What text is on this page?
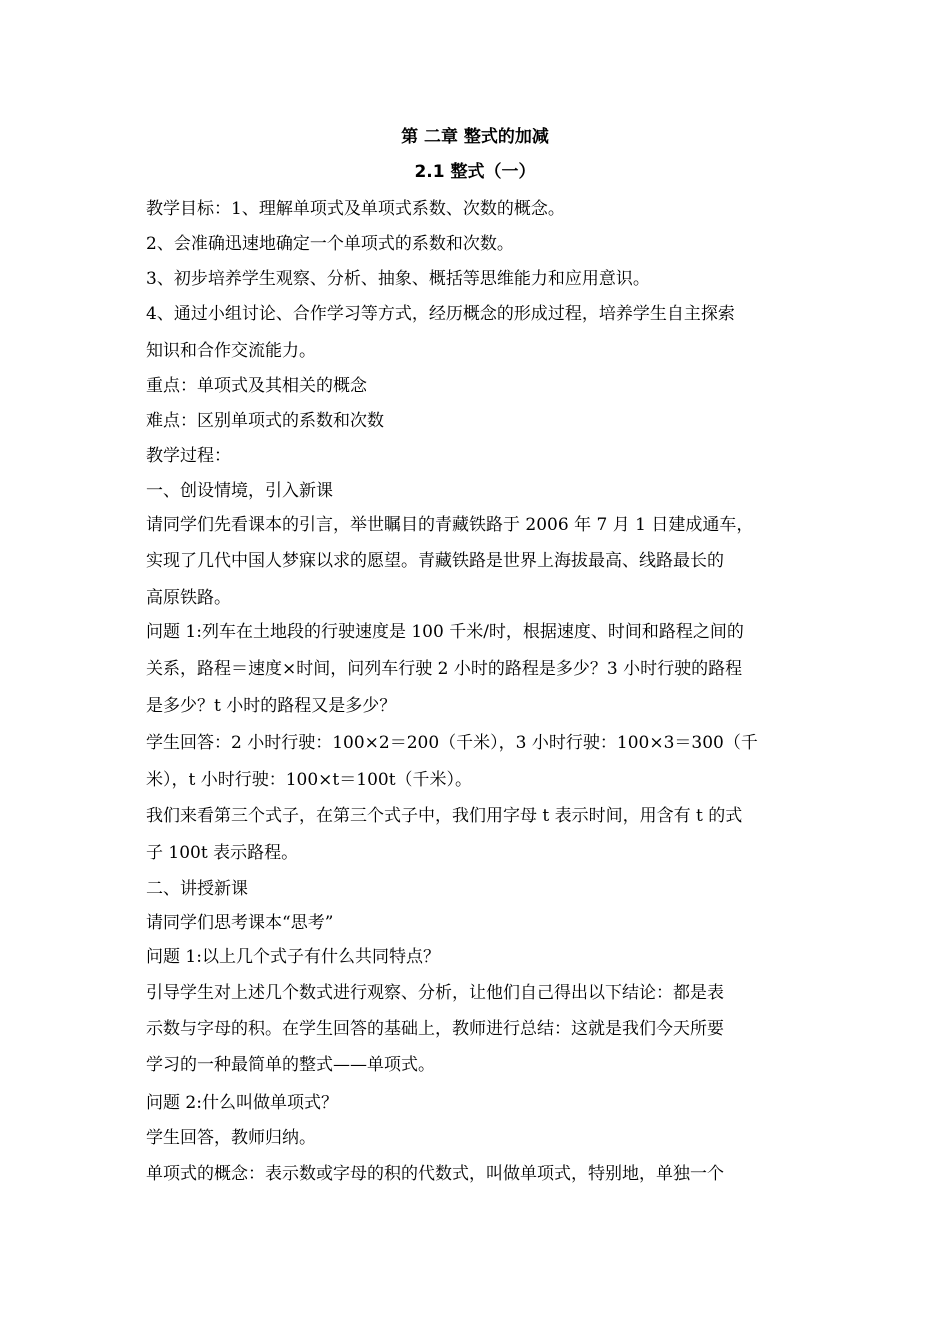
第 二章 整式的加减
2.1 整式（一）
教学目标：1、理解单项式及单项式系数、次数的概念。
2、会准确迅速地确定一个单项式的系数和次数。
3、初步培养学生观察、分析、抽象、概括等思维能力和应用意识。
4、通过小组讨论、合作学习等方式，经历概念的形成过程，培养学生自主探索
知识和合作交流能力。
重点：单项式及其相关的概念
难点：区别单项式的系数和次数
教学过程：
一、创设情境，引入新课
请同学们先看课本的引言，举世瞩目的青藏铁路于 2006 年 7 月 1 日建成通车，
实现了几代中国人梦寐以求的愿望。青藏铁路是世界上海拔最高、线路最长的
高原铁路。
问题 1:列车在土地段的行驶速度是 100 千米/时，根据速度、时间和路程之间的
关系，路程＝速度×时间，问列车行驶 2 小时的路程是多少？3 小时行驶的路程
是多少？t 小时的路程又是多少？
学生回答：2 小时行驶：100×2＝200（千米），3 小时行驶：100×3＝300（千
米），t 小时行驶：100×t＝100t（千米）。
我们来看第三个式子，在第三个式子中，我们用字母 t 表示时间，用含有 t 的式
子 100t 表示路程。
二、讲授新课
请同学们思考课本“思考”
问题 1:以上几个式子有什么共同特点？
引导学生对上述几个数式进行观察、分析，让他们自己得出以下结论：都是表
示数与字母的积。在学生回答的基础上，教师进行总结：这就是我们今天所要
学习的一种最简单的整式——单项式。
问题 2:什么叫做单项式？
学生回答，教师归纳。
单项式的概念：表示数或字母的积的代数式，叫做单项式，特别地，单独一个
